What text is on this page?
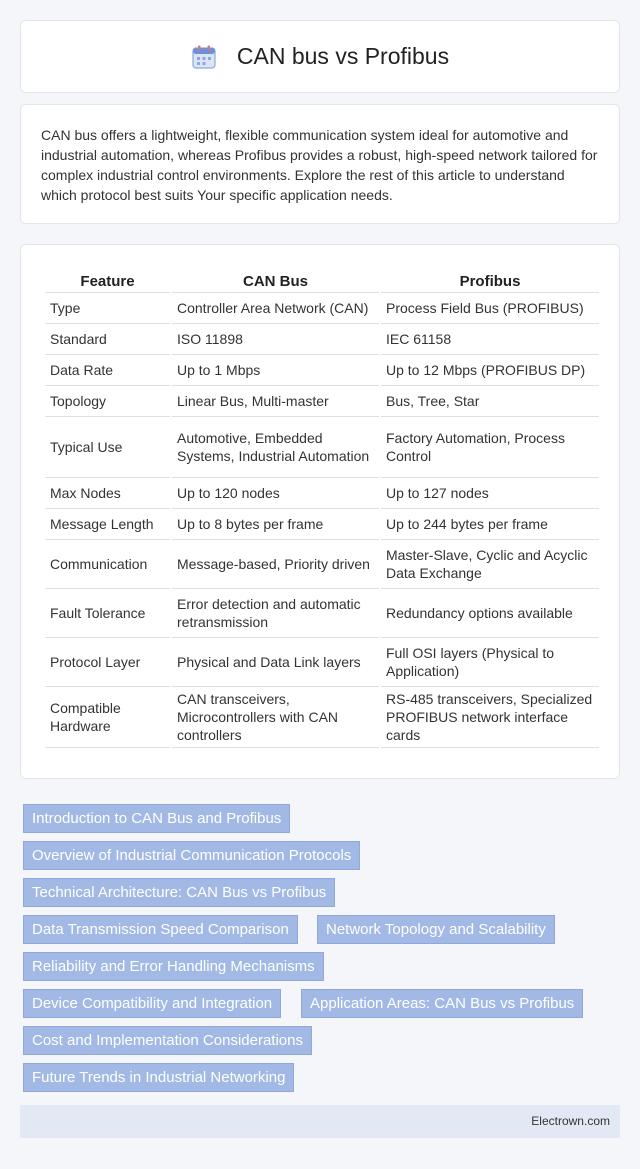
CAN bus vs Profibus

CAN bus offers a lightweight, flexible communication system ideal for automotive and industrial automation, whereas Profibus provides a robust, high-speed network tailored for complex industrial control environments. Explore the rest of this article to understand which protocol best suits Your specific application needs.

Feature	CAN Bus	Profibus
Type	Controller Area Network (CAN)	Process Field Bus (PROFIBUS)
Standard	ISO 11898	IEC 61158
Data Rate	Up to 1 Mbps	Up to 12 Mbps (PROFIBUS DP)
Topology	Linear Bus, Multi-master	Bus, Tree, Star
Typical Use	Automotive, Embedded Systems, Industrial Automation	Factory Automation, Process Control
Max Nodes	Up to 120 nodes	Up to 127 nodes
Message Length	Up to 8 bytes per frame	Up to 244 bytes per frame
Communication	Message-based, Priority driven	Master-Slave, Cyclic and Acyclic Data Exchange
Fault Tolerance	Error detection and automatic retransmission	Redundancy options available
Protocol Layer	Physical and Data Link layers	Full OSI layers (Physical to Application)
Compatible Hardware	CAN transceivers, Microcontrollers with CAN controllers	RS-485 transceivers, Specialized PROFIBUS network interface cards
Introduction to CAN Bus and Profibus
Overview of Industrial Communication Protocols
Technical Architecture: CAN Bus vs Profibus
Data Transmission Speed Comparison	Network Topology and Scalability
Reliability and Error Handling Mechanisms
Device Compatibility and Integration	Application Areas: CAN Bus vs Profibus
Cost and Implementation Considerations
Future Trends in Industrial Networking
Electrown.com
